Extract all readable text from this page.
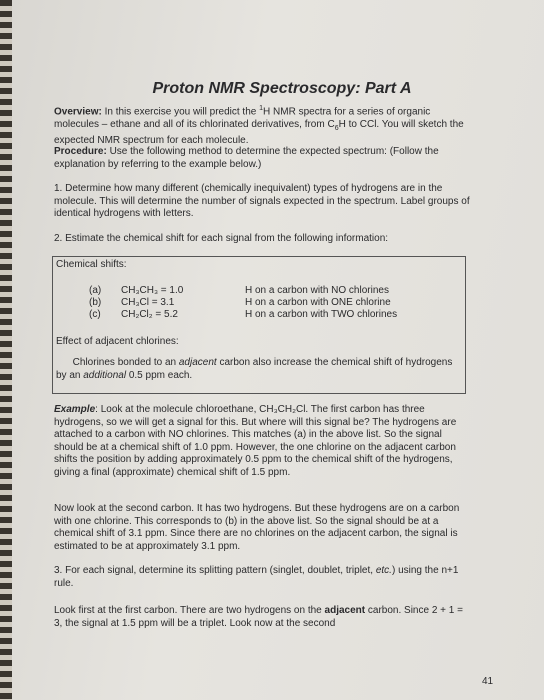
Proton NMR Spectroscopy: Part A
Overview: In this exercise you will predict the $^1$H NMR spectra for a series of organic molecules – ethane and all of its chlorinated derivatives, from $C_6H$ to CCl. You will sketch the expected NMR spectrum for each molecule.
Procedure: Use the following method to determine the expected spectrum: (Follow the explanation by referring to the example below.)
1. Determine how many different (chemically inequivalent) types of hydrogens are in the molecule. This will determine the number of signals expected in the spectrum. Label groups of identical hydrogens with letters.
2. Estimate the chemical shift for each signal from the following information:
Chemical shifts:
(a) CH₃CH₃ = 1.0	H on a carbon with NO chlorines
(b) CH₃Cl = 3.1	H on a carbon with ONE chlorine
(c) CH₂Cl₂ = 5.2	H on a carbon with TWO chlorines
Effect of adjacent chlorines:
Chlorines bonded to an adjacent carbon also increase the chemical shift of hydrogens by an additional 0.5 ppm each.
Example: Look at the molecule chloroethane, CH₃CH₂Cl. The first carbon has three hydrogens, so we will get a signal for this. But where will this signal be? The hydrogens are attached to a carbon with NO chlorines. This matches (a) in the above list. So the signal should be at a chemical shift of 1.0 ppm. However, the one chlorine on the adjacent carbon shifts the position by adding approximately 0.5 ppm to the chemical shift of the hydrogens, giving a final (approximate) chemical shift of 1.5 ppm.
Now look at the second carbon. It has two hydrogens. But these hydrogens are on a carbon with one chlorine. This corresponds to (b) in the above list. So the signal should be at a chemical shift of 3.1 ppm. Since there are no chlorines on the adjacent carbon, the signal is estimated to be at approximately 3.1 ppm.
3. For each signal, determine its splitting pattern (singlet, doublet, triplet, etc.) using the n+1 rule.
Look first at the first carbon. There are two hydrogens on the adjacent carbon. Since 2 + 1 = 3, the signal at 1.5 ppm will be a triplet. Look now at the second
41
